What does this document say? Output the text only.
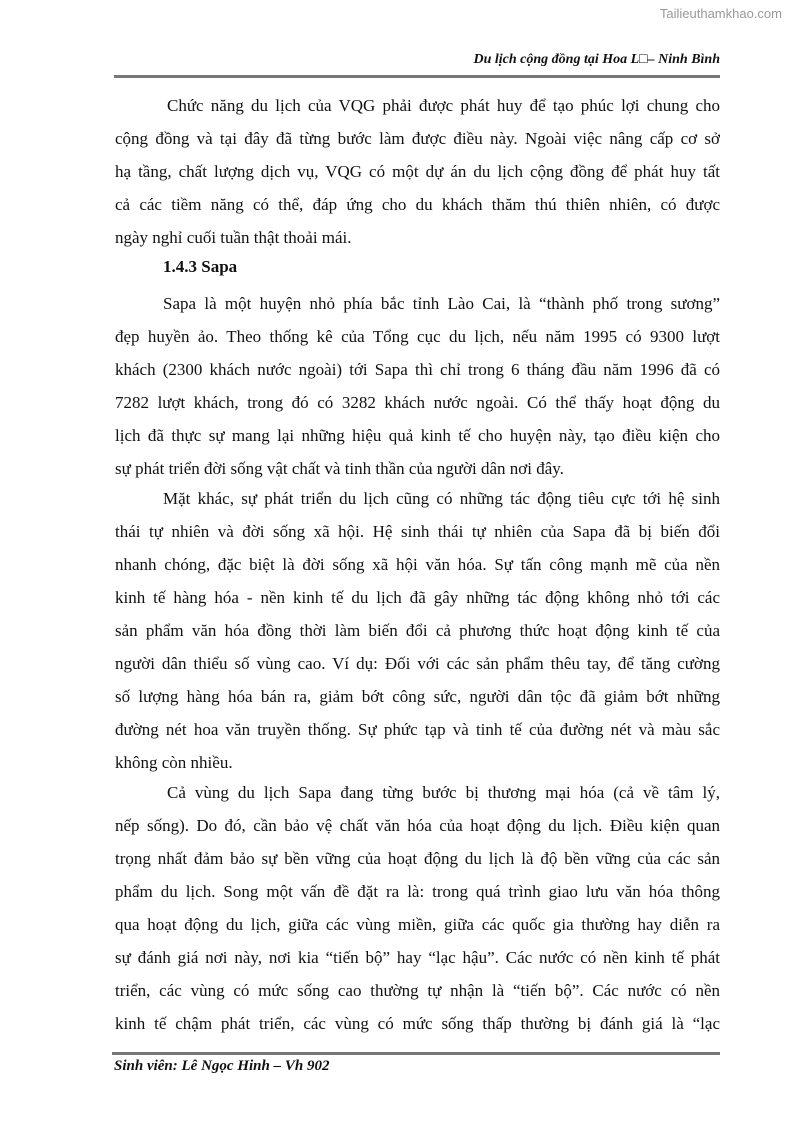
Tailieuthamkhao.com
Du lịch cộng đồng tại Hoa L□– Ninh Bình
Chức năng du lịch của VQG phải được phát huy để tạo phúc lợi chung cho
cộng đồng và tại đây đã từng bước làm được điều này. Ngoài việc nâng cấp cơ sở
hạ tầng, chất lượng dịch vụ, VQG có một dự án du lịch cộng đồng để phát huy tất
cả các tiềm năng có thể, đáp ứng cho du khách thăm thú thiên nhiên, có được
ngày nghỉ cuối tuần thật thoải mái.
1.4.3 Sapa
Sapa là một huyện nhỏ phía bắc tỉnh Lào Cai, là “thành phố trong sương”
đẹp huyền ảo. Theo thống kê của Tổng cục du lịch, nếu năm 1995 có 9300 lượt
khách (2300 khách nước ngoài) tới Sapa thì chỉ trong 6 tháng đầu năm 1996 đã có
7282 lượt khách, trong đó có 3282 khách nước ngoài. Có thể thấy hoạt động du
lịch đã thực sự mang lại những hiệu quả kinh tế cho huyện này, tạo điều kiện cho
sự phát triển đời sống vật chất và tinh thần của người dân nơi đây.
Mặt khác, sự phát triển du lịch cũng có những tác động tiêu cực tới hệ sinh
thái tự nhiên và đời sống xã hội. Hệ sinh thái tự nhiên của Sapa đã bị biến đổi
nhanh chóng, đặc biệt là đời sống xã hội văn hóa. Sự tấn công mạnh mẽ của nền
kinh tế hàng hóa - nền kinh tế du lịch đã gây những tác động không nhỏ tới các
sản phẩm văn hóa đồng thời làm biến đổi cả phương thức hoạt động kinh tế của
người dân thiểu số vùng cao. Ví dụ: Đối với các sản phẩm thêu tay, để tăng cường
số lượng hàng hóa bán ra, giảm bớt công sức, người dân tộc đã giảm bớt những
đường nét hoa văn truyền thống. Sự phức tạp và tinh tế của đường nét và màu sắc
không còn nhiều.
Cả vùng du lịch Sapa đang từng bước bị thương mại hóa (cả về tâm lý,
nếp sống). Do đó, cần bảo vệ chất văn hóa của hoạt động du lịch. Điều kiện quan
trọng nhất đảm bảo sự bền vững của hoạt động du lịch là độ bền vững của các sản
phẩm du lịch. Song một vấn đề đặt ra là: trong quá trình giao lưu văn hóa thông
qua hoạt động du lịch, giữa các vùng miền, giữa các quốc gia thường hay diễn ra
sự đánh giá nơi này, nơi kia “tiến bộ” hay “lạc hậu”. Các nước có nền kinh tế phát
triển, các vùng có mức sống cao thường tự nhận là “tiến bộ”. Các nước có nền
kinh tế chậm phát triển, các vùng có mức sống thấp thường bị đánh giá là “lạc
Sinh viên: Lê Ngọc Hinh – Vh 902
